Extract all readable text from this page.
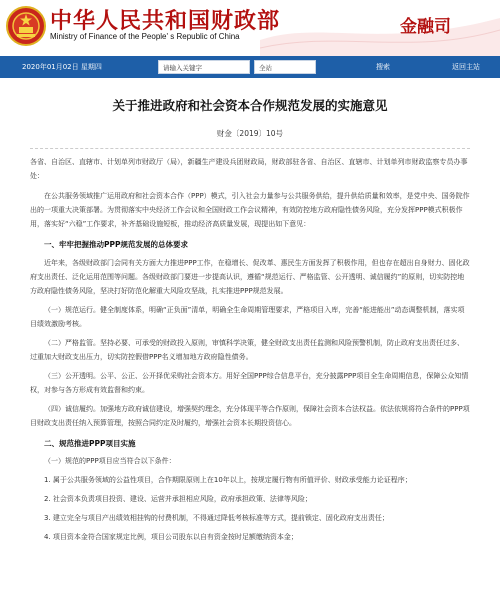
中华人民共和国财政部
Ministry of Finance of the People' s Republic of China	金融司
2020年01月02日 星期四	请输入关键字	全站	搜索	返回主站
关于推进政府和社会资本合作规范发展的实施意见
财金〔2019〕10号
各省、自治区、直辖市、计划单列市财政厅（局），新疆生产建设兵团财政局，财政部驻各省、自治区、直辖市、计划单列市财政监察专员办事处：
在公共服务领域推广运用政府和社会资本合作（PPP）模式，引入社会力量参与公共服务供给，提升供给质量和效率，是党中央、国务院作出的一项重大决策部署。为贯彻落实中央经济工作会议和全国财政工作会议精神，有效防控地方政府隐性债务风险，充分发挥PPP模式积极作用，落实好“六稳”工作要求，补齐基础设施短板，推动经济高质量发展，现提出如下意见：
一、牢牢把握推动PPP规范发展的总体要求
近年来，各级财政部门会同有关方面大力推进PPP工作，在稳增长、促改革、惠民生方面发挥了积极作用，但也存在超出自身财力、固化政府支出责任、泛化运用范围等问题。各级财政部门要进一步提高认识，遵循“规范运行、严格监管、公开透明、诚信履约”的原则，切实防控地方政府隐性债务风险，坚决打好防范化解重大风险攻坚战，扎实推进PPP规范发展。
（一）规范运行。健全制度体系，明确“正负面”清单，明确全生命周期管理要求，严格项目入库，完善“能进能出”动态调整机制，落实项目绩效激励考核。
（二）严格监管。坚持必要、可承受的财政投入原则，审慎科学决策，健全财政支出责任监测和风险预警机制，防止政府支出责任过多、过重加大财政支出压力，切实防控假借PPP名义增加地方政府隐性债务。
（三）公开透明。公平、公正、公开择优采购社会资本方。用好全国PPP综合信息平台，充分披露PPP项目全生命周期信息，保障公众知情权，对参与各方形成有效监督和约束。
（四）诚信履约。加强地方政府诚信建设，增强契约理念，充分体现平等合作原则，保障社会资本合法权益。依法依规将符合条件的PPP项目财政支出责任纳入预算管理，按照合同约定及时履约，增强社会资本长期投资信心。
二、规范推进PPP项目实施
（一）规范的PPP项目应当符合以下条件：
1. 属于公共服务领域的公益性项目，合作期限原则上在10年以上，按规定履行物有所值评价、财政承受能力论证程序；
2. 社会资本负责项目投资、建设、运营并承担相应风险，政府承担政策、法律等风险；
3. 建立完全与项目产出绩效相挂钩的付费机制，不得通过降低考核标准等方式，提前锁定、固化政府支出责任；
4. 项目资本金符合国家规定比例，项目公司股东以自有资金按时足额缴纳资本金；
